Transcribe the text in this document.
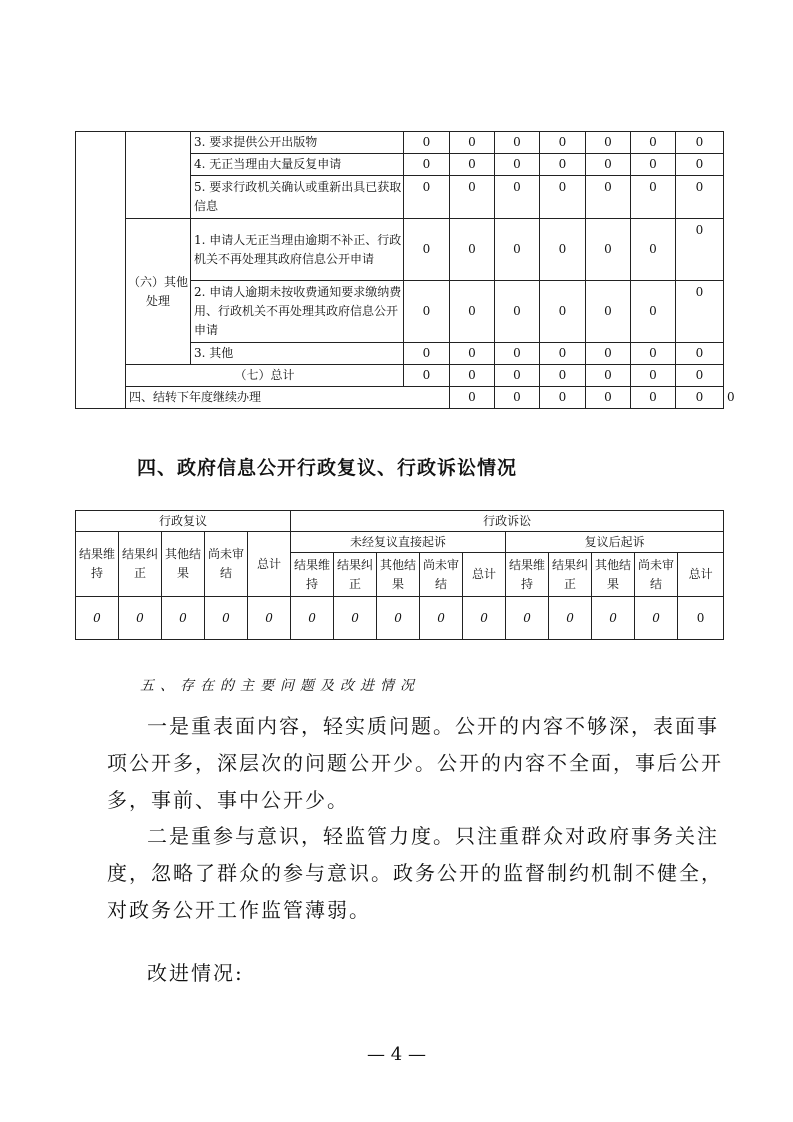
		3. 要求提供公开出版物	0	0	0	0	0	0	0	
		4. 无正当理由大量反复申请	0	0	0	0	0	0	0	
		5. 要求行政机关确认或重新出具已获取信息	0	0	0	0	0	0	0	
	（六）其他处理	1. 申请人无正当理由逾期不补正、行政机关不再处理其政府信息公开申请	0	0	0	0	0	0	0	
		2. 申请人逾期未按收费通知要求缴纳费用、行政机关不再处理其政府信息公开申请	0	0	0	0	0	0	0	
		3. 其他	0	0	0	0	0	0	0	
	（七）总计		0	0	0	0	0	0	0	
	四、结转下年度继续办理			0	0	0	0	0	0	0
四、政府信息公开行政复议、行政诉讼情况
行政复议					行政诉讼									
结果维持	结果纠正	其他结果	尚未审结	总计	未经复议直接起诉					复议后起诉				
					结果维持	结果纠正	其他结果	尚未审结	总计	结果维持	结果纠正	其他结果	尚未审结	总计
0	0	0	0	0	0	0	0	0	0	0	0	0	0	0
五、存在的主要问题及改进情况
一是重表面内容，轻实质问题。公开的内容不够深，表面事
项公开多，深层次的问题公开少。公开的内容不全面，事后公开
多，事前、事中公开少。
二是重参与意识，轻监管力度。只注重群众对政府事务关注
度，忽略了群众的参与意识。政务公开的监督制约机制不健全，
对政务公开工作监管薄弱。
改进情况:
— 4 —
